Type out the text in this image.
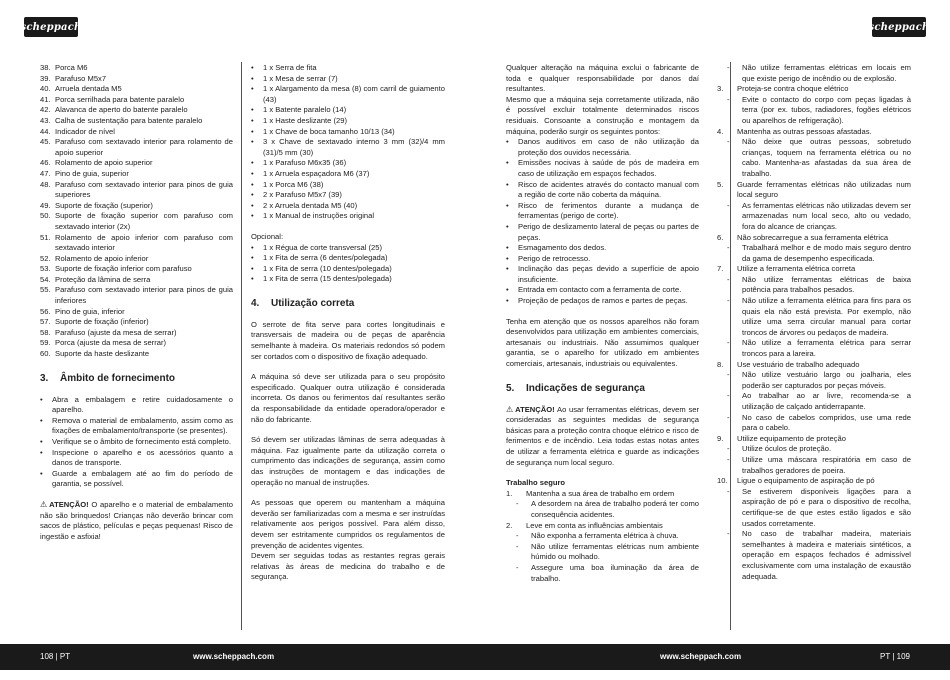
scheppach	scheppach
38. Porca M6
39. Parafuso M5x7
40. Arruela dentada M5
41. Porca serrilhada para batente paralelo
42. Alavanca de aperto do batente paralelo
43. Calha de sustentação para batente paralelo
44. Indicador de nível
45. Parafuso com sextavado interior para rolamento de apoio superior
46. Rolamento de apoio superior
47. Pino de guia, superior
48. Parafuso com sextavado interior para pinos de guia superiores
49. Suporte de fixação (superior)
50. Suporte de fixação superior com parafuso com sextavado interior (2x)
51. Rolamento de apoio inferior com parafuso com sextavado interior
52. Rolamento de apoio inferior
53. Suporte de fixação inferior com parafuso
54. Proteção da lâmina de serra
55. Parafuso com sextavado interior para pinos de guia inferiores
56. Pino de guia, inferior
57. Suporte de fixação (inferior)
58. Parafuso (ajuste da mesa de serrar)
59. Porca (ajuste da mesa de serrar)
60. Suporte da haste deslizante
3.	Âmbito de fornecimento
•	Abra a embalagem e retire cuidadosamente o aparelho.
•	Remova o material de embalamento, assim como as fixações de embalamento/transporte (se presentes).
•	Verifique se o âmbito de fornecimento está completo.
•	Inspecione o aparelho e os acessórios quanto a danos de transporte.
•	Guarde a embalagem até ao fim do período de garantia, se possível.
⚠ ATENÇÃO! O aparelho e o material de embalamento não são brinquedos! Crianças não deverão brincar com sacos de plástico, películas e peças pequenas! Risco de ingestão e asfixia!
•	1 x Serra de fita
•	1 x Mesa de serrar (7)
•	1 x Alargamento da mesa (8) com carril de guiamento (43)
•	1 x Batente paralelo (14)
•	1 x Haste deslizante (29)
•	1 x Chave de boca tamanho 10/13 (34)
•	3 x Chave de sextavado interno 3 mm (32)/4 mm (31)/5 mm (30)
•	1 x Parafuso M6x35 (36)
•	1 x Arruela espaçadora M6 (37)
•	1 x Porca M6 (38)
•	2 x Parafuso M5x7 (39)
•	2 x Arruela dentada M5 (40)
•	1 x Manual de instruções original
Opcional:
•	1 x Régua de corte transversal (25)
•	1 x Fita de serra (6 dentes/polegada)
•	1 x Fita de serra (10 dentes/polegada)
•	1 x Fita de serra (15 dentes/polegada)
4.	Utilização correta
O serrote de fita serve para cortes longitudinais e transversais de madeira ou de peças de aparência semelhante à madeira. Os materiais redondos só podem ser cortados com o dispositivo de fixação adequado.
A máquina só deve ser utilizada para o seu propósito especificado. Qualquer outra utilização é considerada incorreta. Os danos ou ferimentos daí resultantes serão da responsabilidade da entidade operadora/operador e não do fabricante.
Só devem ser utilizadas lâminas de serra adequadas à máquina. Faz igualmente parte da utilização correta o cumprimento das indicações de segurança, assim como das instruções de montagem e das indicações de operação no manual de instruções.
As pessoas que operem ou mantenham a máquina deverão ser familiarizadas com a mesma e ser instruídas relativamente aos perigos possível. Para além disso, devem ser estritamente cumpridos os regulamentos de prevenção de acidentes vigentes.
Devem ser seguidas todas as restantes regras gerais relativas às áreas de medicina do trabalho e de segurança.
Qualquer alteração na máquina exclui o fabricante de toda e qualquer responsabilidade por danos daí resultantes.
Mesmo que a máquina seja corretamente utilizada, não é possível excluir totalmente determinados riscos residuais. Consoante a construção e montagem da máquina, poderão surgir os seguintes pontos:
•	Danos auditivos em caso de não utilização da proteção dos ouvidos necessária.
•	Emissões nocivas à saúde de pós de madeira em caso de utilização em espaços fechados.
•	Risco de acidentes através do contacto manual com a região de corte não coberta da máquina.
•	Risco de ferimentos durante a mudança de ferramentas (perigo de corte).
•	Perigo de deslizamento lateral de peças ou partes de peças.
•	Esmagamento dos dedos.
•	Perigo de retrocesso.
•	Inclinação das peças devido a superfície de apoio insuficiente.
•	Entrada em contacto com a ferramenta de corte.
•	Projeção de pedaços de ramos e partes de peças.
Tenha em atenção que os nossos aparelhos não foram desenvolvidos para utilização em ambientes comerciais, artesanais ou industriais. Não assumimos qualquer garantia, se o aparelho for utilizado em ambientes comerciais, artesanais, industriais ou equivalentes.
5.	Indicações de segurança
⚠ ATENÇÃO! Ao usar ferramentas elétricas, devem ser consideradas as seguintes medidas de segurança básicas para a proteção contra choque elétrico e risco de ferimentos e de incêndio. Leia todas estas notas antes de utilizar a ferramenta elétrica e guarde as indicações de segurança num local seguro.
Trabalho seguro
1.	Mantenha a sua área de trabalho em ordem
-	A desordem na área de trabalho poderá ter como consequência acidentes.
2.	Leve em conta as influências ambientais
-	Não exponha a ferramenta elétrica à chuva.
-	Não utilize ferramentas elétricas num ambiente húmido ou molhado.
-	Assegure uma boa iluminação da área de trabalho.
-	Não utilize ferramentas elétricas em locais em que existe perigo de incêndio ou de explosão.
3.	Proteja-se contra choque elétrico
-	Evite o contacto do corpo com peças ligadas à terra (por ex. tubos, radiadores, fogões elétricos ou aparelhos de refrigeração).
4.	Mantenha as outras pessoas afastadas.
-	Não deixe que outras pessoas, sobretudo crianças, toquem na ferramenta elétrica ou no cabo. Mantenha-as afastadas da sua área de trabalho.
5.	Guarde ferramentas elétricas não utilizadas num local seguro
-	As ferramentas elétricas não utilizadas devem ser armazenadas num local seco, alto ou vedado, fora do alcance de crianças.
6.	Não sobrecarregue a sua ferramenta elétrica
-	Trabalhará melhor e de modo mais seguro dentro da gama de desempenho especificada.
7.	Utilize a ferramenta elétrica correta
-	Não utilize ferramentas elétricas de baixa potência para trabalhos pesados.
-	Não utilize a ferramenta elétrica para fins para os quais ela não está prevista. Por exemplo, não utilize uma serra circular manual para cortar troncos de árvores ou pedaços de madeira.
-	Não utilize a ferramenta elétrica para serrar troncos para a lareira.
8.	Use vestuário de trabalho adequado
-	Não utilize vestuário largo ou joalharia, eles poderão ser capturados por peças móveis.
-	Ao trabalhar ao ar livre, recomenda-se a utilização de calçado antiderrapante.
-	No caso de cabelos compridos, use uma rede para o cabelo.
9.	Utilize equipamento de proteção
-	Utilize óculos de proteção.
-	Utilize uma máscara respiratória em caso de trabalhos geradores de poeira.
10.	Ligue o equipamento de aspiração de pó
-	Se estiverem disponíveis ligações para a aspiração de pó e para o dispositivo de recolha, certifique-se de que estes estão ligados e são usados corretamente.
-	No caso de trabalhar madeira, materiais semelhantes à madeira e materiais sintéticos, a operação em espaços fechados é admissível exclusivamente com uma instalação de exaustão adequada.
108 | PT	www.scheppach.com	www.scheppach.com	PT | 109
